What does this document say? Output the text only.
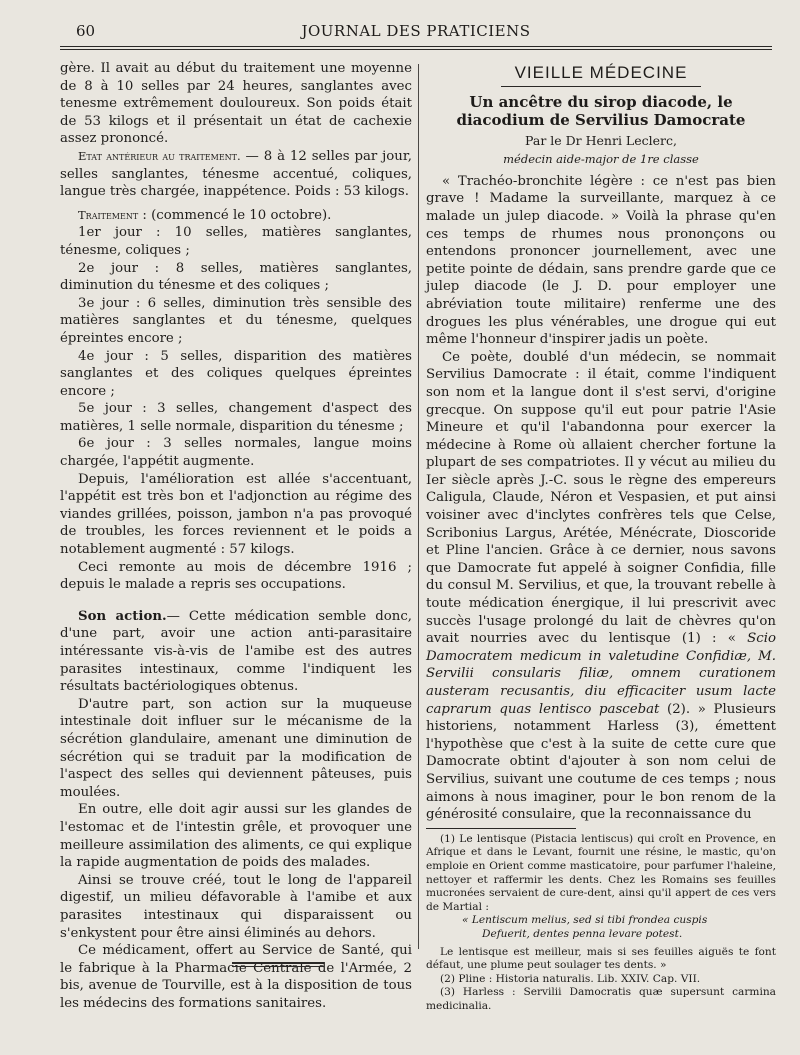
60	JOURNAL DES PRATICIENS

gère. Il avait au début du traitement une moyenne de 8 à 10 selles par 24 heures, sanglantes avec tenesme extrêmement douloureux. Son poids était de 53 kilogs et il présentait un état de cachexie assez prononcé.

Etat antérieur au traitement. — 8 à 12 selles par jour, selles sanglantes, ténesme accentué, coliques, langue très chargée, inappétence. Poids : 53 kilogs.

Traitement : (commencé le 10 octobre).

1er jour : 10 selles, matières sanglantes, ténesme, coliques ;

2e jour : 8 selles, matières sanglantes, diminution du ténesme et des coliques ;

3e jour : 6 selles, diminution très sensible des matières sanglantes et du ténesme, quelques épreintes encore ;

4e jour : 5 selles, disparition des matières sanglantes et des coliques quelques épreintes encore ;

5e jour : 3 selles, changement d'aspect des matières, 1 selle normale, disparition du ténesme ;

6e jour : 3 selles normales, langue moins chargée, l'appétit augmente.

Depuis, l'amélioration est allée s'accentuant, l'appétit est très bon et l'adjonction au régime des viandes grillées, poisson, jambon n'a pas provoqué de troubles, les forces reviennent et le poids a notablement augmenté : 57 kilogs.

Ceci remonte au mois de décembre 1916 ; depuis le malade a repris ses occupations.

Son action.— Cette médication semble donc, d'une part, avoir une action anti-parasitaire intéressante vis-à-vis de l'amibe est des autres parasites intestinaux, comme l'indiquent les résultats bactériologiques obtenus.

D'autre part, son action sur la muqueuse intestinale doit influer sur le mécanisme de la sécrétion glandulaire, amenant une diminution de sécrétion qui se traduit par la modification de l'aspect des selles qui deviennent pâteuses, puis moulées.

En outre, elle doit agir aussi sur les glandes de l'estomac et de l'intestin grêle, et provoquer une meilleure assimilation des aliments, ce qui explique la rapide augmentation de poids des malades.

Ainsi se trouve créé, tout le long de l'appareil digestif, un milieu défavorable à l'amibe et aux parasites intestinaux qui disparaissent ou s'enkystent pour être ainsi éliminés au dehors.

Ce médicament, offert au Service de Santé, qui le fabrique à la Pharmacie Centrale de l'Armée, 2 bis, avenue de Tourville, est à la disposition de tous les médecins des formations sanitaires.

VIEILLE MÉDECINE
Un ancêtre du sirop diacode, le diacodium de Servilius Damocrate
Par le Dr Henri Leclerc,
médecin aide-major de 1re classe

« Trachéo-bronchite légère : ce n'est pas bien grave ! Madame la surveillante, marquez à ce malade un julep diacode. » Voilà la phrase qu'en ces temps de rhumes nous prononçons ou entendons prononcer journellement, avec une petite pointe de dédain, sans prendre garde que ce julep diacode (le J. D. pour employer une abréviation toute militaire) renferme une des drogues les plus vénérables, une drogue qui eut même l'honneur d'inspirer jadis un poète.

Ce poète, doublé d'un médecin, se nommait Servilius Damocrate : il était, comme l'indiquent son nom et la langue dont il s'est servi, d'origine grecque. On suppose qu'il eut pour patrie l'Asie Mineure et qu'il l'abandonna pour exercer la médecine à Rome où allaient chercher fortune la plupart de ses compatriotes. Il y vécut au milieu du Ier siècle après J.-C. sous le règne des empereurs Caligula, Claude, Néron et Vespasien, et put ainsi voisiner avec d'inclytes confrères tels que Celse, Scribonius Largus, Arétée, Ménécrate, Dioscoride et Pline l'ancien. Grâce à ce dernier, nous savons que Damocrate fut appelé à soigner Confidia, fille du consul M. Servilius, et que, la trouvant rebelle à toute médication énergique, il lui prescrivit avec succès l'usage prolongé du lait de chèvres qu'on avait nourries avec du lentisque (1) : « Scio Damocratem medicum in valetudine Confidiæ, M. Servilii consularis filiæ, omnem curationem austeram recusantis, diu efficaciter usum lacte caprarum quas lentisco pascebat (2). » Plusieurs historiens, notamment Harless (3), émettent l'hypothèse que c'est à la suite de cette cure que Damocrate obtint d'ajouter à son nom celui de Servilius, suivant une coutume de ces temps ; nous aimons à nous imaginer, pour le bon renom de la générosité consulaire, que la reconnaissance du

(1) Le lentisque (Pistacia lentiscus) qui croît en Provence, en Afrique et dans le Levant, fournit une résine, le mastic, qu'on emploie en Orient comme masticatoire, pour parfumer l'haleine, nettoyer et raffermir les dents. Chez les Romains ses feuilles mucronées servaient de cure-dent, ainsi qu'il appert de ces vers de Martial :

« Lentiscum melius, sed si tibi frondea cuspis

Defuerit, dentes penna levare potest.

Le lentisque est meilleur, mais si ses feuilles aiguës te font défaut, une plume peut soulager tes dents. »

(2) Pline : Historia naturalis. Lib. XXIV. Cap. VII.

(3) Harless : Servilii Damocratis quæ supersunt carmina medicinalia.
